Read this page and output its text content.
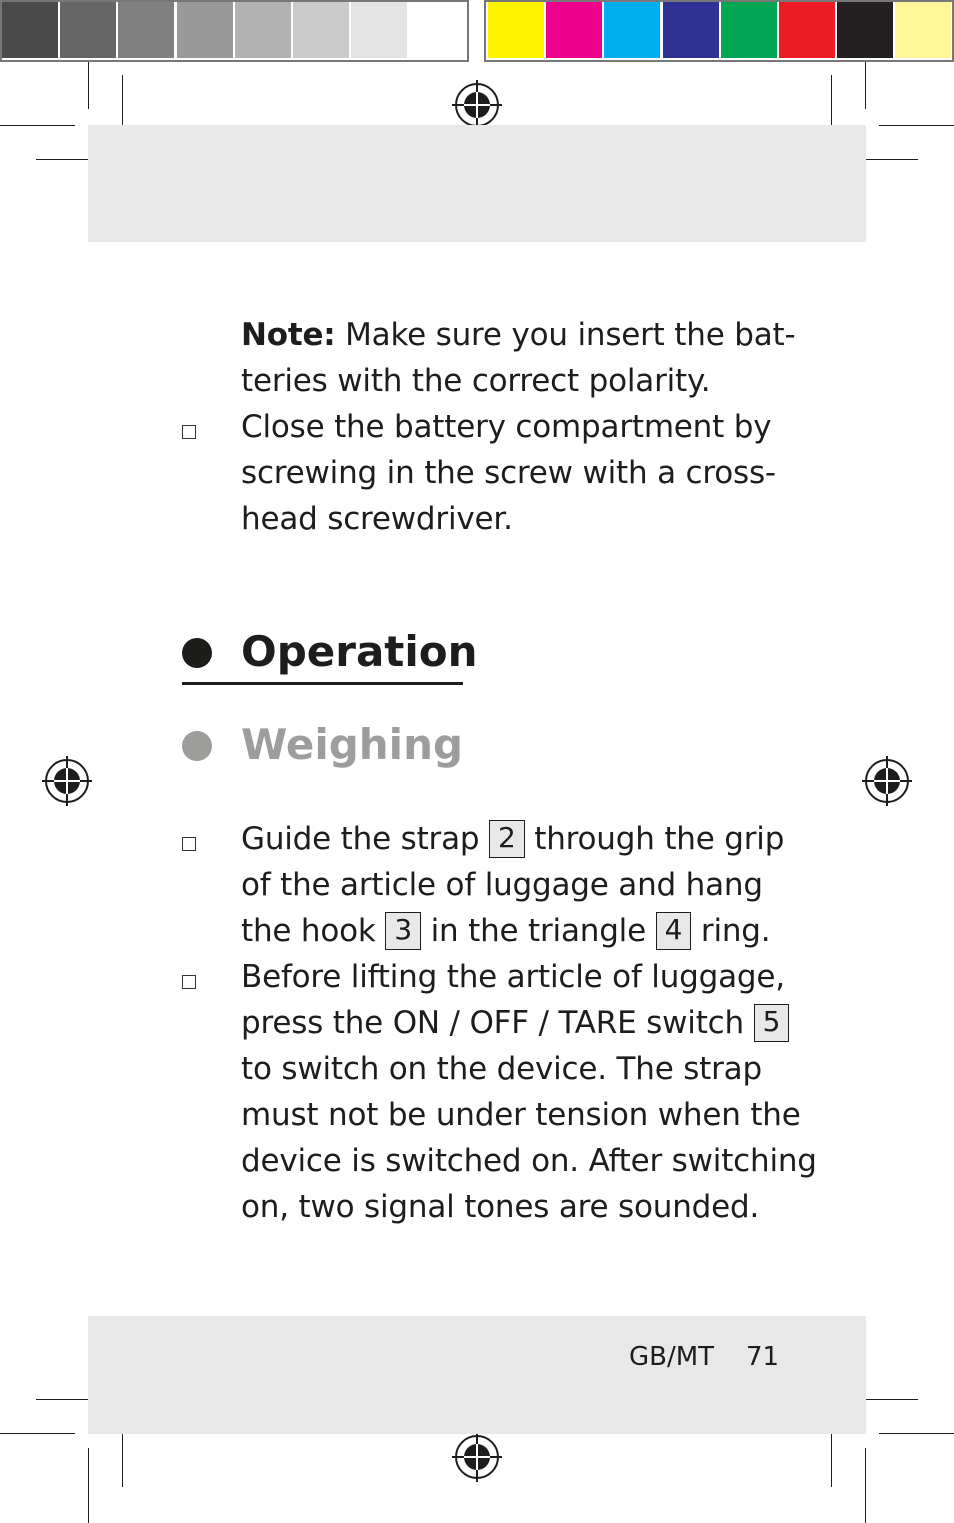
Note: Make sure you insert the bat-
teries with the correct polarity.
Close the battery compartment by
screwing in the screw with a cross-
head screwdriver.
Operation
Weighing
Guide the strap 2 through the grip
of the article of luggage and hang
the hook 3 in the triangle 4 ring.
Before lifting the article of luggage,
press the ON / OFF / TARE switch 5
to switch on the device. The strap
must not be under tension when the
device is switched on. After switching
on, two signal tones are sounded.
GB/MT 71
